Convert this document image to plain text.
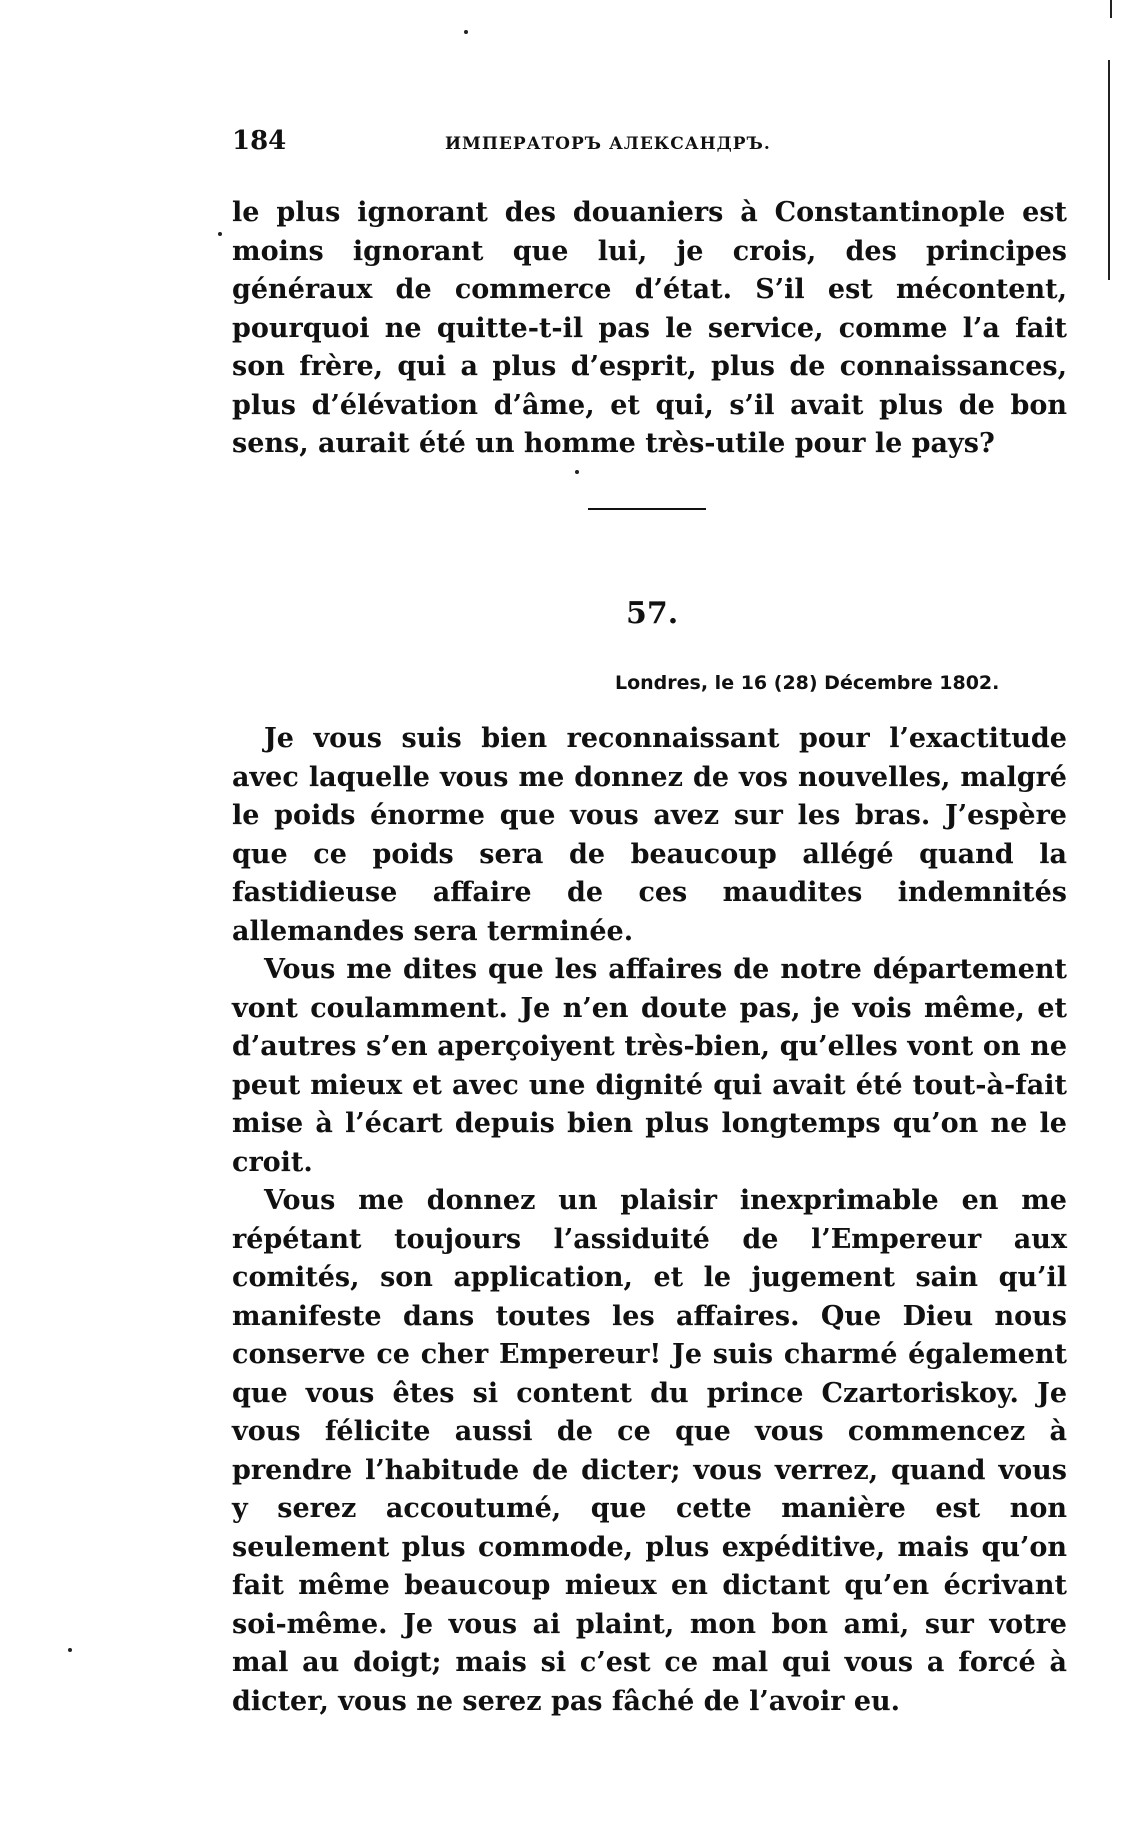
184	ИМПЕРАТОРЪ АЛЕКСАНДРЪ.

le plus ignorant des douaniers à Constantinople est moins ignorant que lui, je crois, des principes généraux de commerce d’état. S’il est mécontent, pourquoi ne quitte-t-il pas le service, comme l’a fait son frère, qui a plus d’esprit, plus de connaissances, plus d’élévation d’âme, et qui, s’il avait plus de bon sens, aurait été un homme très-utile pour le pays?

57.
Londres, le 16 (28) Décembre 1802.

Je vous suis bien reconnaissant pour l’exactitude avec laquelle vous me donnez de vos nouvelles, malgré le poids énorme que vous avez sur les bras. J’espère que ce poids sera de beaucoup allégé quand la fastidieuse affaire de ces maudites indemnités allemandes sera terminée.

Vous me dites que les affaires de notre département vont coulamment. Je n’en doute pas, je vois même, et d’autres s’en aperçoiyent très-bien, qu’elles vont on ne peut mieux et avec une dignité qui avait été tout-à-fait mise à l’écart depuis bien plus longtemps qu’on ne le croit.

Vous me donnez un plaisir inexprimable en me répétant toujours l’assiduité de l’Empereur aux comités, son application, et le jugement sain qu’il manifeste dans toutes les affaires. Que Dieu nous conserve ce cher Empereur! Je suis charmé également que vous êtes si content du prince Czartoriskoy. Je vous félicite aussi de ce que vous commencez à prendre l’habitude de dicter; vous verrez, quand vous y serez accoutumé, que cette manière est non seulement plus commode, plus expéditive, mais qu’on fait même beaucoup mieux en dictant qu’en écrivant soi-même. Je vous ai plaint, mon bon ami, sur votre mal au doigt; mais si c’est ce mal qui vous a forcé à dicter, vous ne serez pas fâché de l’avoir eu.
